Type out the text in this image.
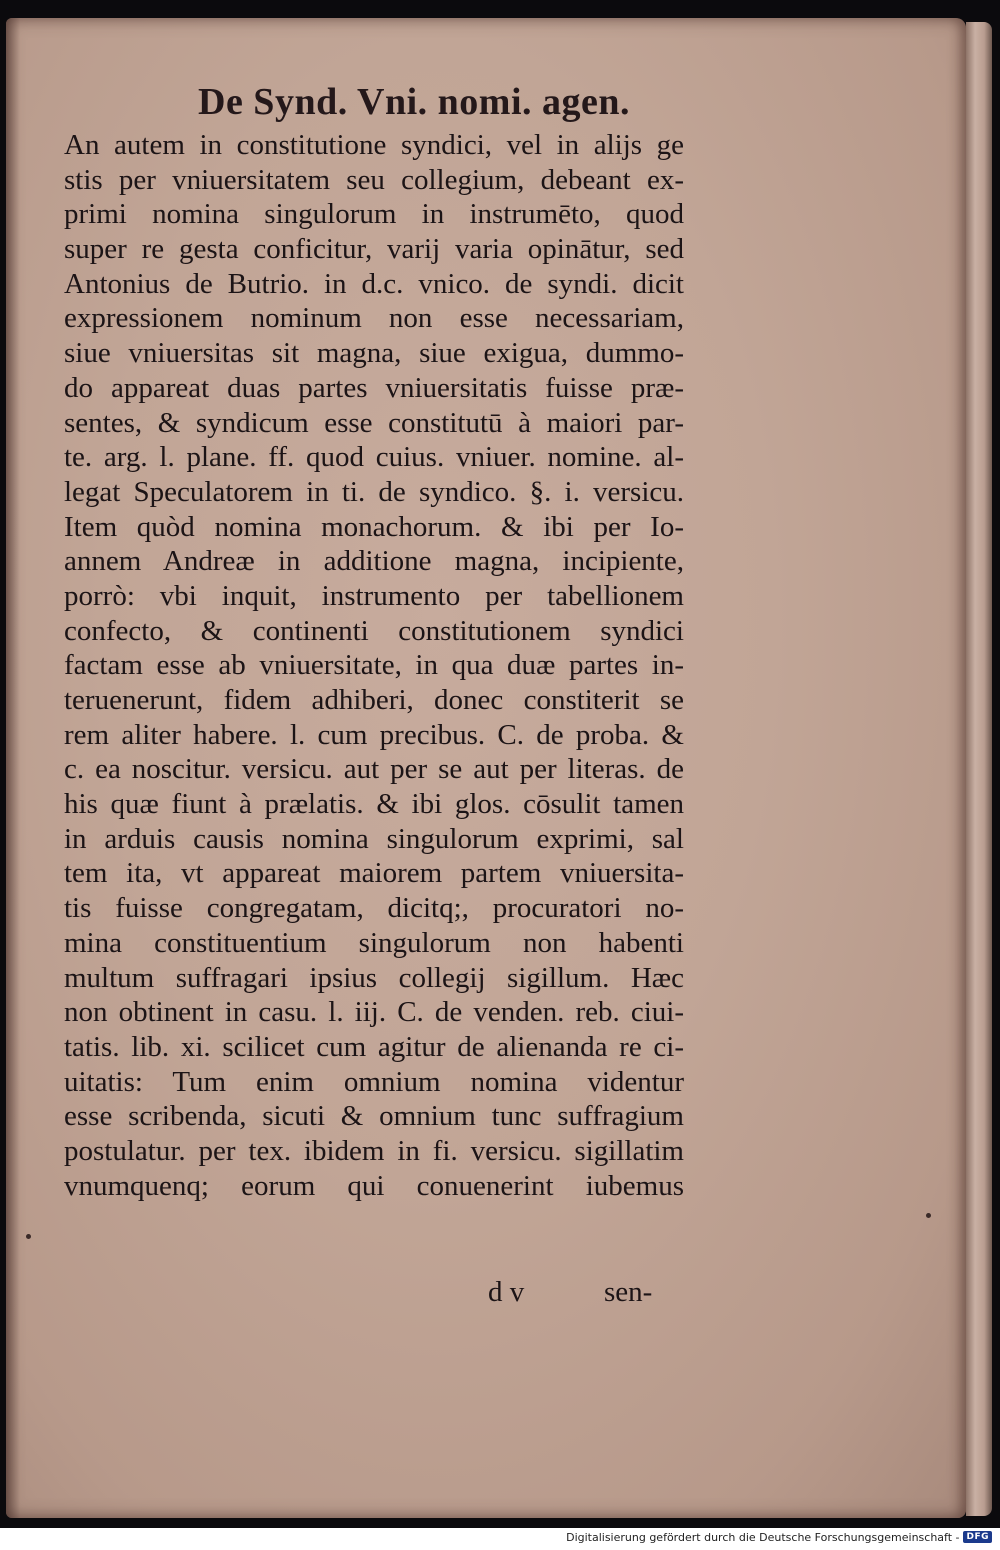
De Synd. Vni. nomi. agen.
An autem in constitutione syndici, vel in alijs ge
stis per vniuersitatem seu collegium, debeant ex-
primi nomina singulorum in instrumēto, quod
super re gesta conficitur, varij varia opinātur, sed
Antonius de Butrio. in d.c. vnico. de syndi. dicit
expressionem nominum non esse necessariam,
siue vniuersitas sit magna, siue exigua, dummo-
do appareat duas partes vniuersitatis fuisse præ-
sentes, & syndicum esse constitutū à maiori par-
te. arg. l. plane. ff. quod cuius. vniuer. nomine. al-
legat Speculatorem in ti. de syndico. §. i. versicu.
Item quòd nomina monachorum. & ibi per Io-
annem Andreæ in additione magna, incipiente,
porrò: vbi inquit, instrumento per tabellionem
confecto, & continenti constitutionem syndici
factam esse ab vniuersitate, in qua duæ partes in-
teruenerunt, fidem adhiberi, donec constiterit se
rem aliter habere. l. cum precibus. C. de proba. &
c. ea noscitur. versicu. aut per se aut per literas. de
his quæ fiunt à prælatis. & ibi glos. cōsulit tamen
in arduis causis nomina singulorum exprimi, sal
tem ita, vt appareat maiorem partem vniuersita-
tis fuisse congregatam, dicitq;, procuratori no-
mina constituentium singulorum non habenti
multum suffragari ipsius collegij sigillum. Hæc
non obtinent in casu. l. iij. C. de venden. reb. ciui-
tatis. lib. xi. scilicet cum agitur de alienanda re ci-
uitatis: Tum enim omnium nomina videntur
esse scribenda, sicuti & omnium tunc suffragium
postulatur. per tex. ibidem in fi. versicu. sigillatim
vnumquenq; eorum qui conuenerint iubemus
d v	sen-
Digitalisierung gefördert durch die Deutsche Forschungsgemeinschaft - DFG
